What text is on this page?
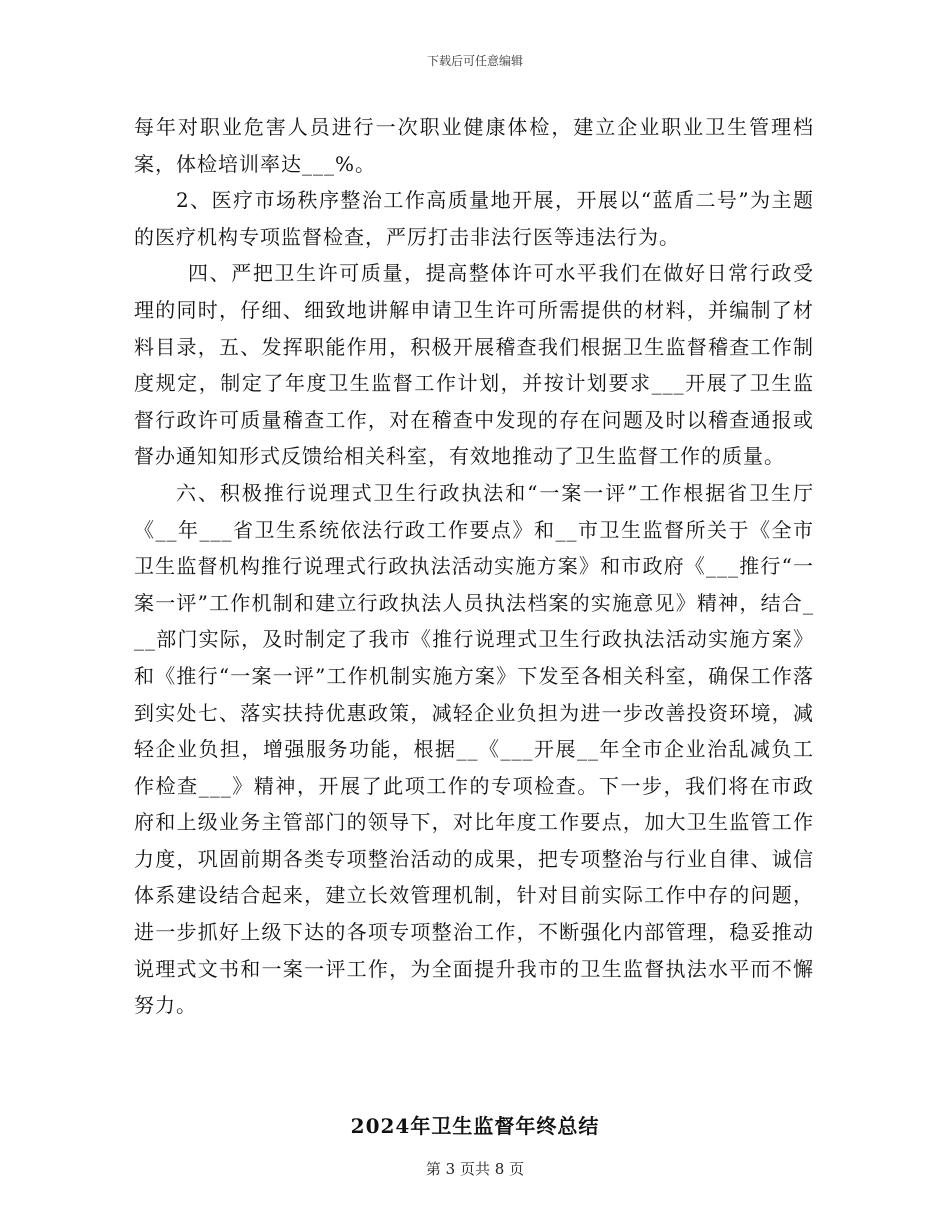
下载后可任意编辑

每年对职业危害人员进行一次职业健康体检，建立企业职业卫生管理档案，体检培训率达___%。

2、医疗市场秩序整治工作高质量地开展，开展以“蓝盾二号”为主题的医疗机构专项监督检查，严厉打击非法行医等违法行为。

四、严把卫生许可质量，提高整体许可水平我们在做好日常行政受理的同时，仔细、细致地讲解申请卫生许可所需提供的材料，并编制了材料目录，五、发挥职能作用，积极开展稽查我们根据卫生监督稽查工作制度规定，制定了年度卫生监督工作计划，并按计划要求___开展了卫生监督行政许可质量稽查工作，对在稽查中发现的存在问题及时以稽查通报或督办通知知形式反馈给相关科室，有效地推动了卫生监督工作的质量。

六、积极推行说理式卫生行政执法和“一案一评”工作根据省卫生厅《__年___省卫生系统依法行政工作要点》和__市卫生监督所关于《全市卫生监督机构推行说理式行政执法活动实施方案》和市政府《___推行“一案一评”工作机制和建立行政执法人员执法档案的实施意见》精神，结合___部门实际，及时制定了我市《推行说理式卫生行政执法活动实施方案》和《推行“一案一评”工作机制实施方案》下发至各相关科室，确保工作落到实处七、落实扶持优惠政策，减轻企业负担为进一步改善投资环境，减轻企业负担，增强服务功能，根据__《___开展__年全市企业治乱减负工作检查___》精神，开展了此项工作的专项检查。下一步，我们将在市政府和上级业务主管部门的领导下，对比年度工作要点，加大卫生监管工作力度，巩固前期各类专项整治活动的成果，把专项整治与行业自律、诚信体系建设结合起来，建立长效管理机制，针对目前实际工作中存的问题，进一步抓好上级下达的各项专项整治工作，不断强化内部管理，稳妥推动说理式文书和一案一评工作，为全面提升我市的卫生监督执法水平而不懈努力。

2024年卫生监督年终总结
第 3 页共 8 页
